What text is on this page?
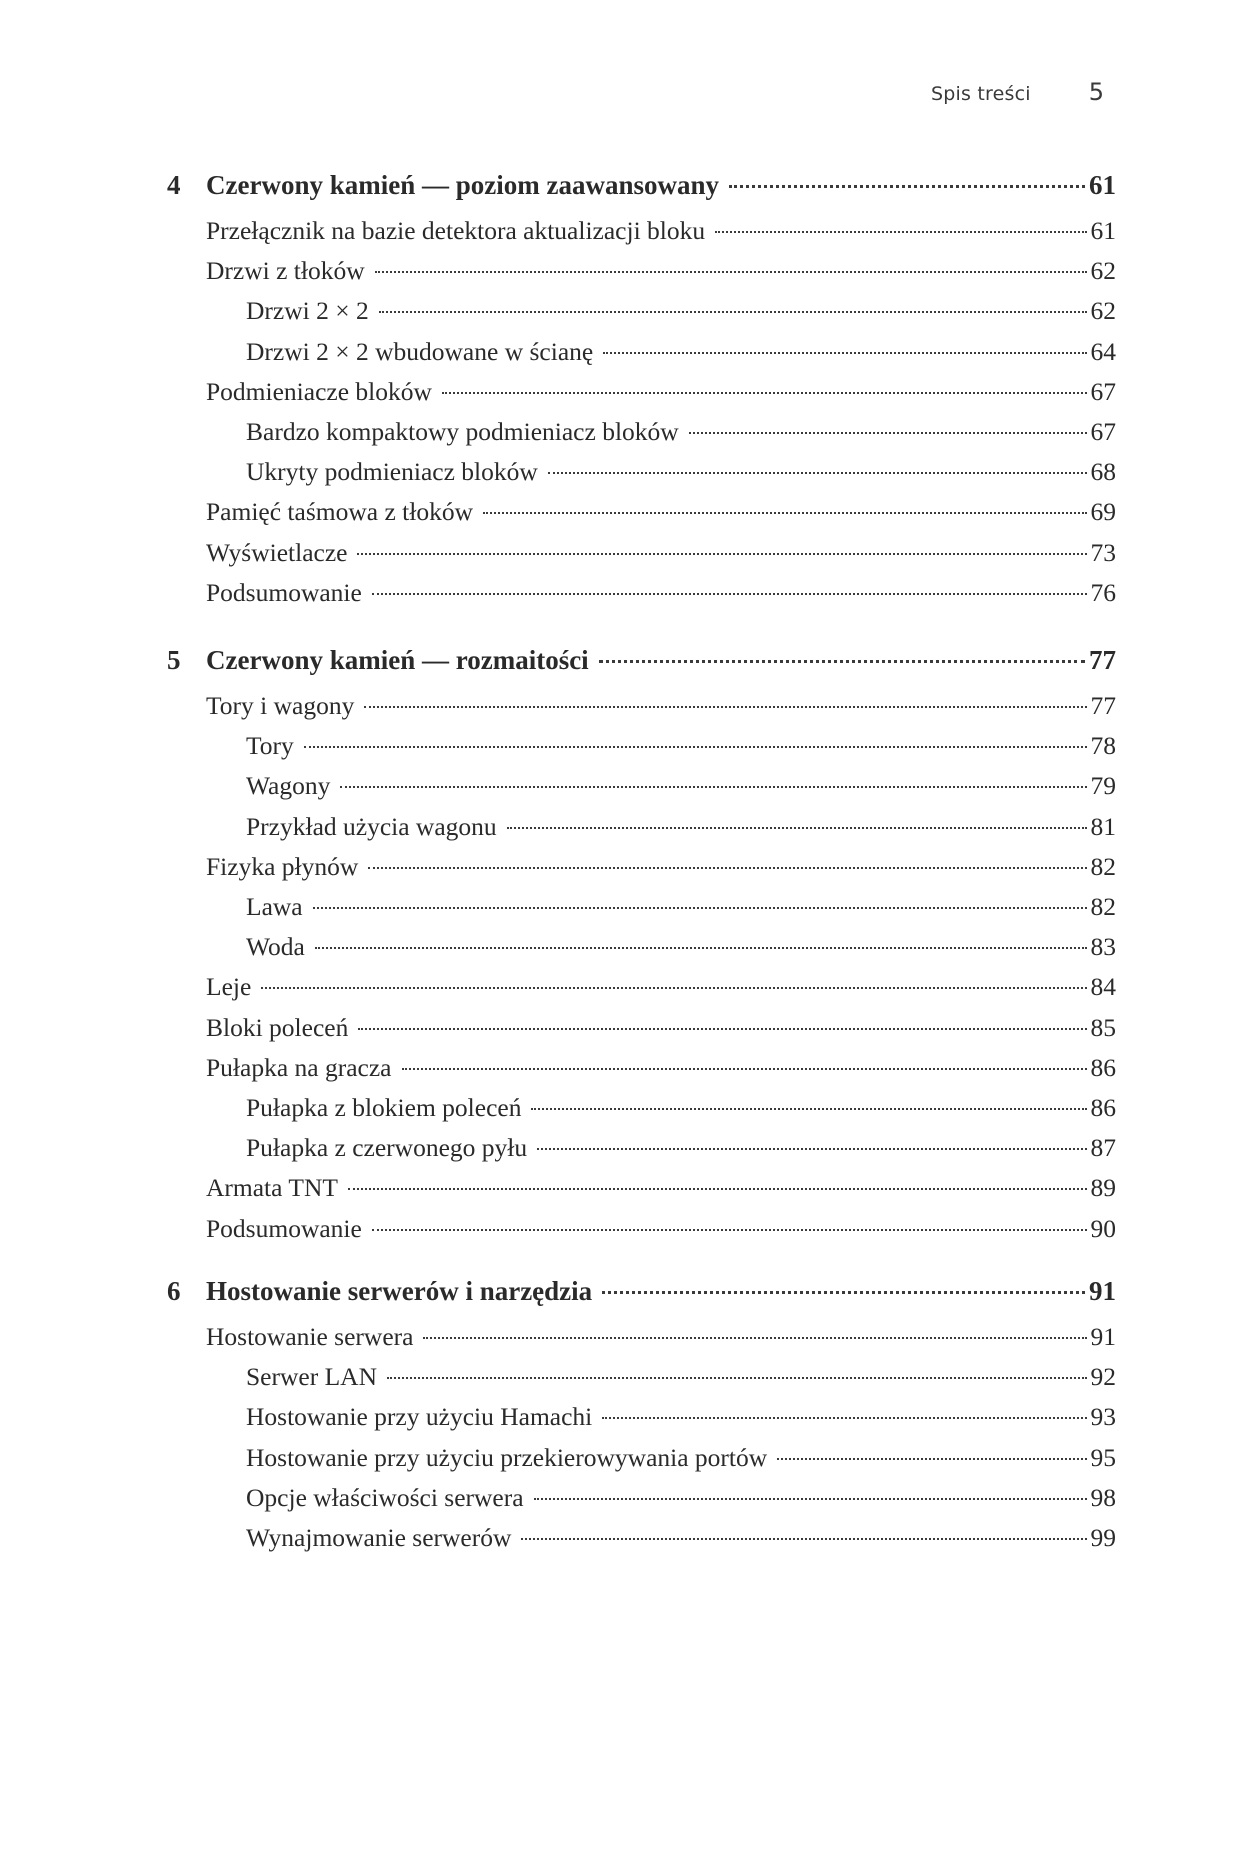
Spis treści 5
4 Czerwony kamień — poziom zaawansowany	61
Przełącznik na bazie detektora aktualizacji bloku	61
Drzwi z tłoków	62
Drzwi 2 × 2	62
Drzwi 2 × 2 wbudowane w ścianę	64
Podmieniacze bloków	67
Bardzo kompaktowy podmieniacz bloków	67
Ukryty podmieniacz bloków	68
Pamięć taśmowa z tłoków	69
Wyświetlacze	73
Podsumowanie	76
5 Czerwony kamień — rozmaitości	77
Tory i wagony	77
Tory	78
Wagony	79
Przykład użycia wagonu	81
Fizyka płynów	82
Lawa	82
Woda	83
Leje	84
Bloki poleceń	85
Pułapka na gracza	86
Pułapka z blokiem poleceń	86
Pułapka z czerwonego pyłu	87
Armata TNT	89
Podsumowanie	90
6 Hostowanie serwerów i narzędzia	91
Hostowanie serwera	91
Serwer LAN	92
Hostowanie przy użyciu Hamachi	93
Hostowanie przy użyciu przekierowywania portów	95
Opcje właściwości serwera	98
Wynajmowanie serwerów	99
